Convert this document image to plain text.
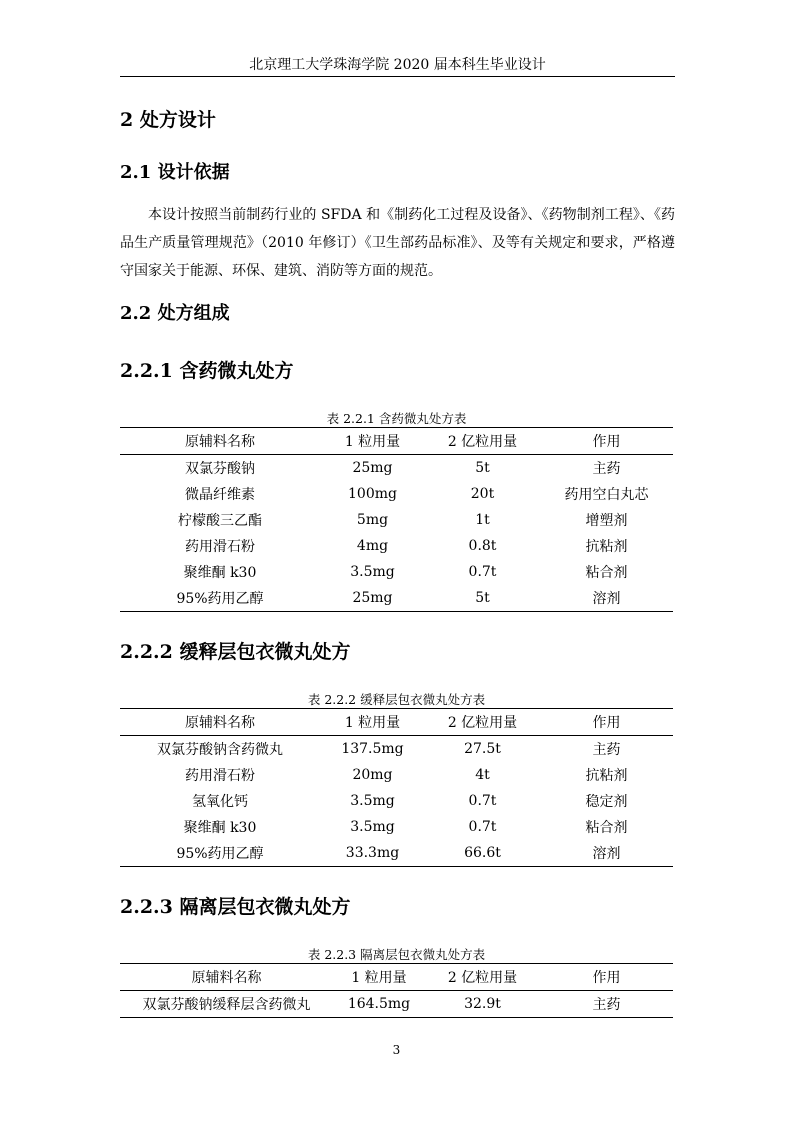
北京理工大学珠海学院 2020 届本科生毕业设计
2 处方设计
2.1 设计依据
本设计按照当前制药行业的 SFDA 和《制药化工过程及设备》、《药物制剂工程》、《药品生产质量管理规范》（2010 年修订）《卫生部药品标准》、及等有关规定和要求，严格遵守国家关于能源、环保、建筑、消防等方面的规范。
2.2 处方组成
2.2.1 含药微丸处方
表 2.2.1 含药微丸处方表
原辅料名称	1 粒用量	2 亿粒用量	作用
双氯芬酸钠	25mg	5t	主药
微晶纤维素	100mg	20t	药用空白丸芯
柠檬酸三乙酯	5mg	1t	增塑剂
药用滑石粉	4mg	0.8t	抗粘剂
聚维酮 k30	3.5mg	0.7t	粘合剂
95%药用乙醇	25mg	5t	溶剂
2.2.2 缓释层包衣微丸处方
表 2.2.2 缓释层包衣微丸处方表
原辅料名称	1 粒用量	2 亿粒用量	作用
双氯芬酸钠含药微丸	137.5mg	27.5t	主药
药用滑石粉	20mg	4t	抗粘剂
氢氧化钙	3.5mg	0.7t	稳定剂
聚维酮 k30	3.5mg	0.7t	粘合剂
95%药用乙醇	33.3mg	66.6t	溶剂
2.2.3 隔离层包衣微丸处方
表 2.2.3 隔离层包衣微丸处方表
原辅料名称	1 粒用量	2 亿粒用量	作用
双氯芬酸钠缓释层含药微丸	164.5mg	32.9t	主药
3
